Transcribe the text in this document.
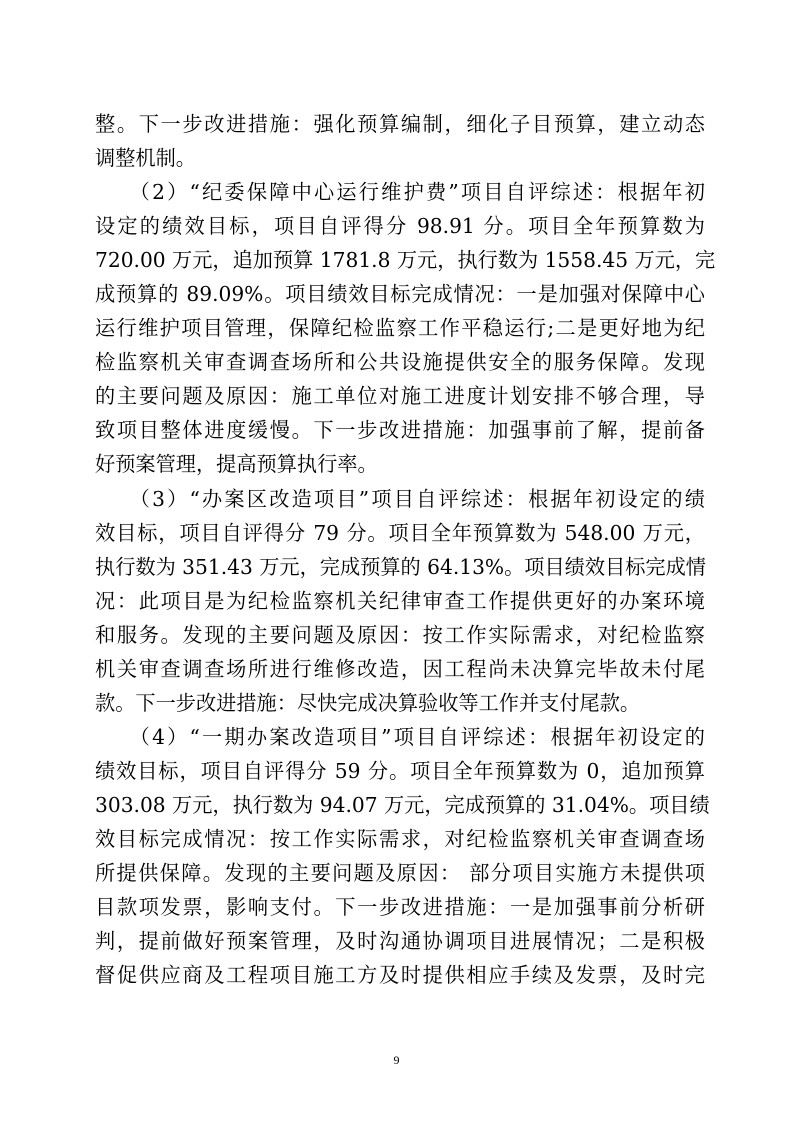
整。下一步改进措施：强化预算编制，细化子目预算，建立动态
调整机制。
　　（2）“纪委保障中心运行维护费”项目自评综述：根据年初
设定的绩效目标，项目自评得分 98.91 分。项目全年预算数为
720.00 万元，追加预算 1781.8 万元，执行数为 1558.45 万元，完
成预算的 89.09%。项目绩效目标完成情况：一是加强对保障中心
运行维护项目管理，保障纪检监察工作平稳运行;二是更好地为纪
检监察机关审查调查场所和公共设施提供安全的服务保障。发现
的主要问题及原因：施工单位对施工进度计划安排不够合理，导
致项目整体进度缓慢。下一步改进措施：加强事前了解，提前备
好预案管理，提高预算执行率。
　　（3）“办案区改造项目”项目自评综述：根据年初设定的绩
效目标，项目自评得分 79 分。项目全年预算数为 548.00 万元，
执行数为 351.43 万元，完成预算的 64.13%。项目绩效目标完成情
况：此项目是为纪检监察机关纪律审查工作提供更好的办案环境
和服务。发现的主要问题及原因：按工作实际需求，对纪检监察
机关审查调查场所进行维修改造，因工程尚未决算完毕故未付尾
款。下一步改进措施：尽快完成决算验收等工作并支付尾款。
　　（4）“一期办案改造项目”项目自评综述：根据年初设定的
绩效目标，项目自评得分 59 分。项目全年预算数为 0，追加预算
303.08 万元，执行数为 94.07 万元，完成预算的 31.04%。项目绩
效目标完成情况：按工作实际需求，对纪检监察机关审查调查场
所提供保障。发现的主要问题及原因： 部分项目实施方未提供项
目款项发票，影响支付。下一步改进措施：一是加强事前分析研
判，提前做好预案管理，及时沟通协调项目进展情况；二是积极
督促供应商及工程项目施工方及时提供相应手续及发票，及时完
9
